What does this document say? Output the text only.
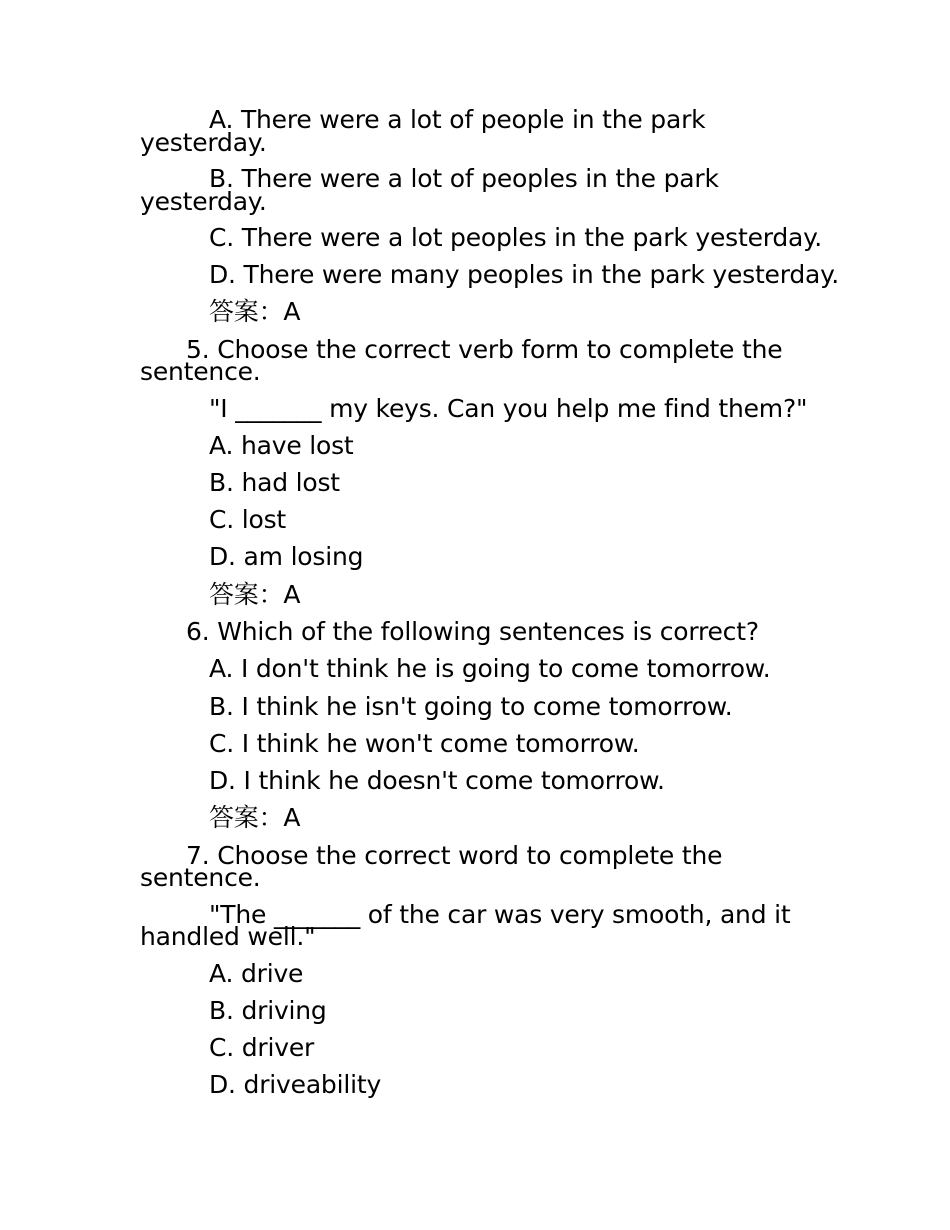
A. There were a lot of people in the park
yesterday.
B. There were a lot of peoples in the park
yesterday.
C. There were a lot peoples in the park yesterday.
D. There were many peoples in the park yesterday.
答案：A
5. Choose the correct verb form to complete the
sentence.
"I _______ my keys. Can you help me find them?"
A. have lost
B. had lost
C. lost
D. am losing
答案：A
6. Which of the following sentences is correct?
A. I don't think he is going to come tomorrow.
B. I think he isn't going to come tomorrow.
C. I think he won't come tomorrow.
D. I think he doesn't come tomorrow.
答案：A
7. Choose the correct word to complete the
sentence.
"The _______ of the car was very smooth, and it
handled well."
A. drive
B. driving
C. driver
D. driveability
